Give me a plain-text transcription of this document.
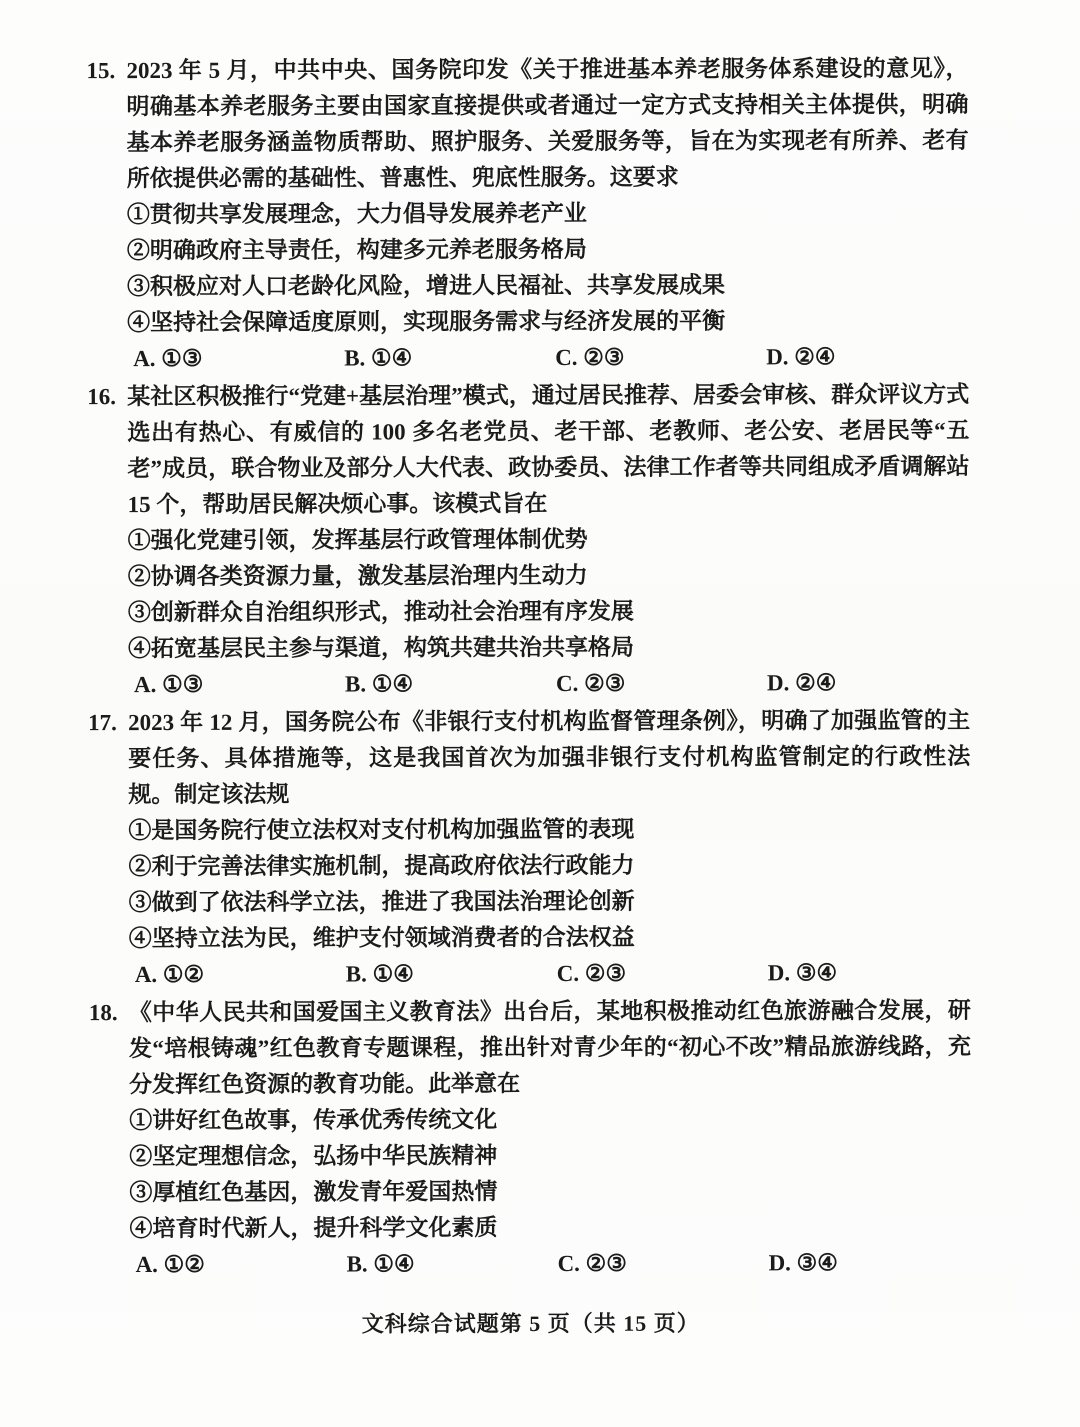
15. 2023 年 5 月，中共中央、国务院印发《关于推进基本养老服务体系建设的意见》，明确基本养老服务主要由国家直接提供或者通过一定方式支持相关主体提供，明确基本养老服务涵盖物质帮助、照护服务、关爱服务等，旨在为实现老有所养、老有所依提供必需的基础性、普惠性、兜底性服务。这要求

①贯彻共享发展理念，大力倡导发展养老产业

②明确政府主导责任，构建多元养老服务格局

③积极应对人口老龄化风险，增进人民福祉、共享发展成果

④坚持社会保障适度原则，实现服务需求与经济发展的平衡

A. ①③	B. ①④	C. ②③	D. ②④
16. 某社区积极推行“党建+基层治理”模式，通过居民推荐、居委会审核、群众评议方式选出有热心、有威信的 100 多名老党员、老干部、老教师、老公安、老居民等“五老”成员，联合物业及部分人大代表、政协委员、法律工作者等共同组成矛盾调解站 15 个，帮助居民解决烦心事。该模式旨在

①强化党建引领，发挥基层行政管理体制优势

②协调各类资源力量，激发基层治理内生动力

③创新群众自治组织形式，推动社会治理有序发展

④拓宽基层民主参与渠道，构筑共建共治共享格局

A. ①③	B. ①④	C. ②③	D. ②④
17. 2023 年 12 月，国务院公布《非银行支付机构监督管理条例》，明确了加强监管的主要任务、具体措施等，这是我国首次为加强非银行支付机构监管制定的行政性法规。制定该法规

①是国务院行使立法权对支付机构加强监管的表现

②利于完善法律实施机制，提高政府依法行政能力

③做到了依法科学立法，推进了我国法治理论创新

④坚持立法为民，维护支付领域消费者的合法权益

A. ①②	B. ①④	C. ②③	D. ③④
18. 《中华人民共和国爱国主义教育法》出台后，某地积极推动红色旅游融合发展，研发“培根铸魂”红色教育专题课程，推出针对青少年的“初心不改”精品旅游线路，充分发挥红色资源的教育功能。此举意在

①讲好红色故事，传承优秀传统文化

②坚定理想信念，弘扬中华民族精神

③厚植红色基因，激发青年爱国热情

④培育时代新人，提升科学文化素质

A. ①②	B. ①④	C. ②③	D. ③④
文科综合试题第 5 页（共 15 页）
